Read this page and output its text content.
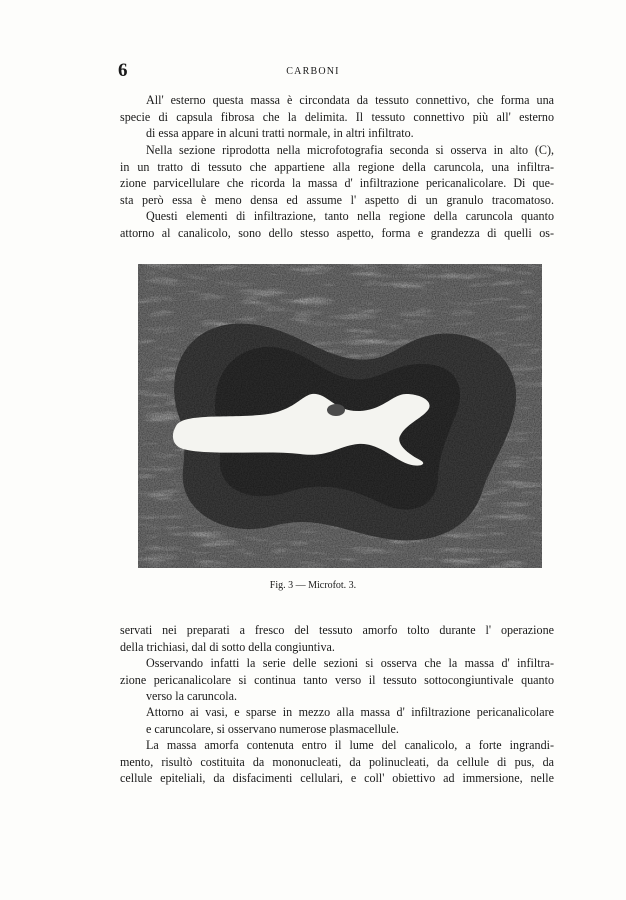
6	CARBONI

All' esterno questa massa è circondata da tessuto connettivo, che forma una
specie di capsula fibrosa che la delimita. Il tessuto connettivo più all' esterno
di essa appare in alcuni tratti normale, in altri infiltrato.

Nella sezione riprodotta nella microfotografia seconda si osserva in alto (C),
in un tratto di tessuto che appartiene alla regione della caruncola, una infiltra-
zione parvicellulare che ricorda la massa d' infiltrazione pericanalicolare. Di que-
sta però essa è meno densa ed assume l' aspetto di un granulo tracomatoso.

Questi elementi di infiltrazione, tanto nella regione della caruncola quanto
attorno al canalicolo, sono dello stesso aspetto, forma e grandezza di quelli os-

Fig. 3 — Microfot. 3.

servati nei preparati a fresco del tessuto amorfo tolto durante l' operazione
della trichiasi, dal di sotto della congiuntiva.

Osservando infatti la serie delle sezioni si osserva che la massa d' infiltra-
zione pericanalicolare si continua tanto verso il tessuto sottocongiuntivale quanto
verso la caruncola.

Attorno ai vasi, e sparse in mezzo alla massa d' infiltrazione pericanalicolare
e caruncolare, si osservano numerose plasmacellule.

La massa amorfa contenuta entro il lume del canalicolo, a forte ingrandi-
mento, risultò costituita da mononucleati, da polinucleati, da cellule di pus, da
cellule epiteliali, da disfacimenti cellulari, e coll' obiettivo ad immersione, nelle
